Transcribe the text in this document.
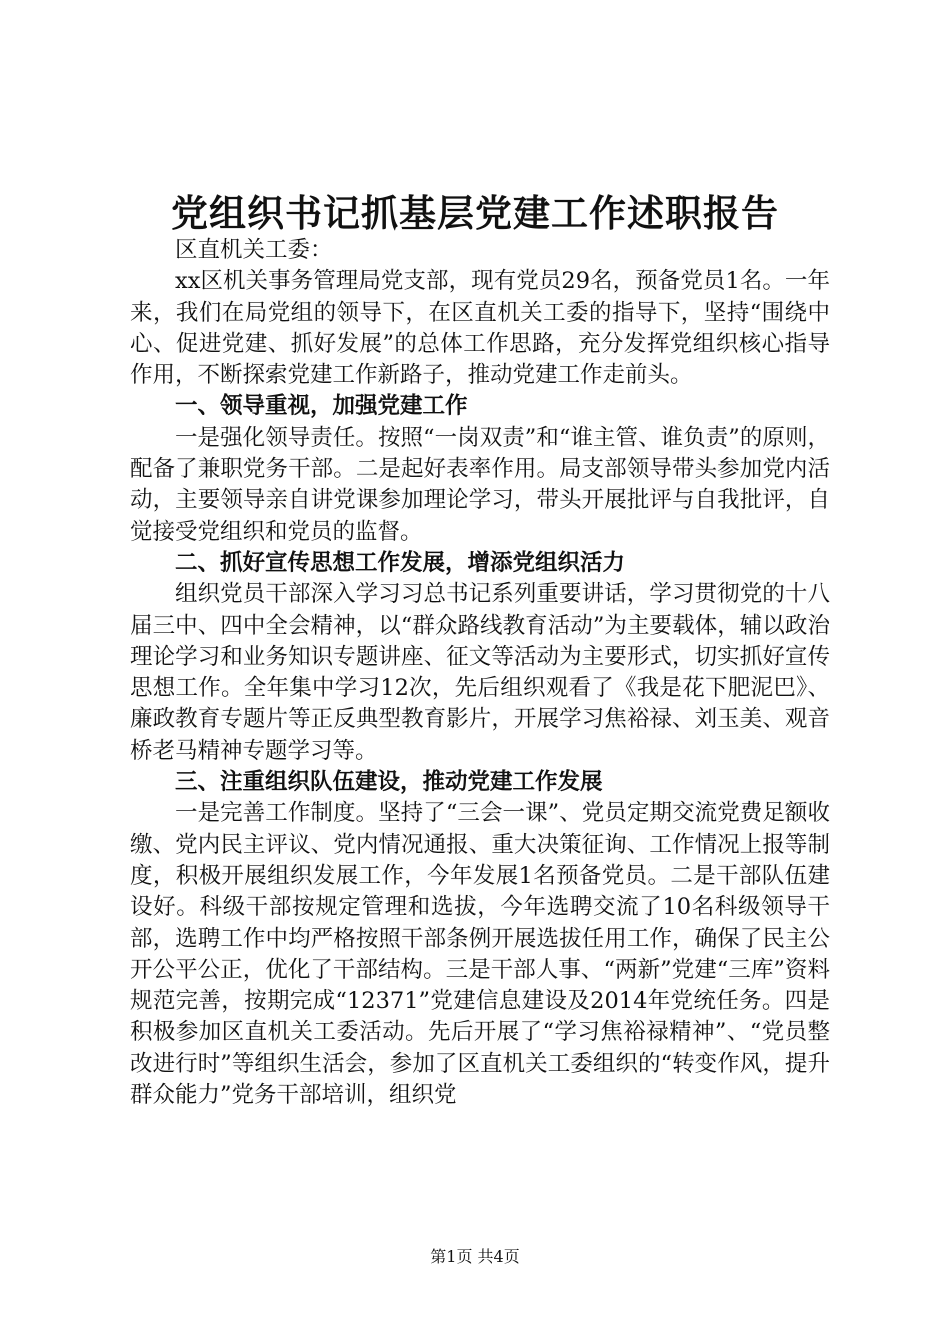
党组织书记抓基层党建工作述职报告

区直机关工委：

xx区机关事务管理局党支部，现有党员29名，预备党员1名。一年来，我们在局党组的领导下，在区直机关工委的指导下，坚持“围绕中心、促进党建、抓好发展”的总体工作思路，充分发挥党组织核心指导作用，不断探索党建工作新路子，推动党建工作走前头。

一、领导重视，加强党建工作

一是强化领导责任。按照“一岗双责”和“谁主管、谁负责”的原则，配备了兼职党务干部。二是起好表率作用。局支部领导带头参加党内活动，主要领导亲自讲党课参加理论学习，带头开展批评与自我批评，自觉接受党组织和党员的监督。

二、抓好宣传思想工作发展，增添党组织活力

组织党员干部深入学习习总书记系列重要讲话，学习贯彻党的十八届三中、四中全会精神，以“群众路线教育活动”为主要载体，辅以政治理论学习和业务知识专题讲座、征文等活动为主要形式，切实抓好宣传思想工作。全年集中学习12次，先后组织观看了《我是花下肥泥巴》、廉政教育专题片等正反典型教育影片，开展学习焦裕禄、刘玉美、观音桥老马精神专题学习等。

三、注重组织队伍建设，推动党建工作发展

一是完善工作制度。坚持了“三会一课”、党员定期交流党费足额收缴、党内民主评议、党内情况通报、重大决策征询、工作情况上报等制度，积极开展组织发展工作，今年发展1名预备党员。二是干部队伍建设好。科级干部按规定管理和选拔，今年选聘交流了10名科级领导干部，选聘工作中均严格按照干部条例开展选拔任用工作，确保了民主公开公平公正，优化了干部结构。三是干部人事、“两新”党建“三库”资料规范完善，按期完成“12371”党建信息建设及2014年党统任务。四是积极参加区直机关工委活动。先后开展了“学习焦裕禄精神”、“党员整改进行时”等组织生活会，参加了区直机关工委组织的“转变作风，提升群众能力”党务干部培训，组织党

第1页 共4页
